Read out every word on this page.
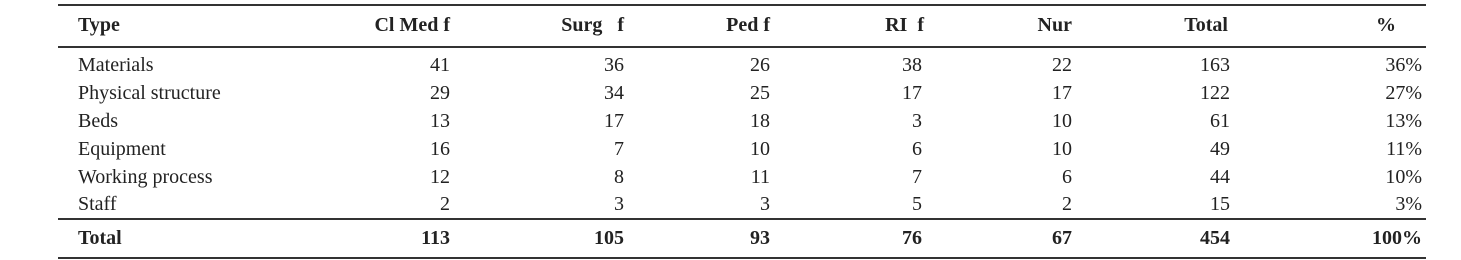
Type	Cl Med f	Surg   f	Ped f	RI  f	Nur	Total	%
Materials	41	36	26	38	22	163	36%
Physical structure	29	34	25	17	17	122	27%
Beds	13	17	18	3	10	61	13%
Equipment	16	7	10	6	10	49	11%
Working process	12	8	11	7	6	44	10%
Staff	2	3	3	5	2	15	3%
Total	113	105	93	76	67	454	100%
